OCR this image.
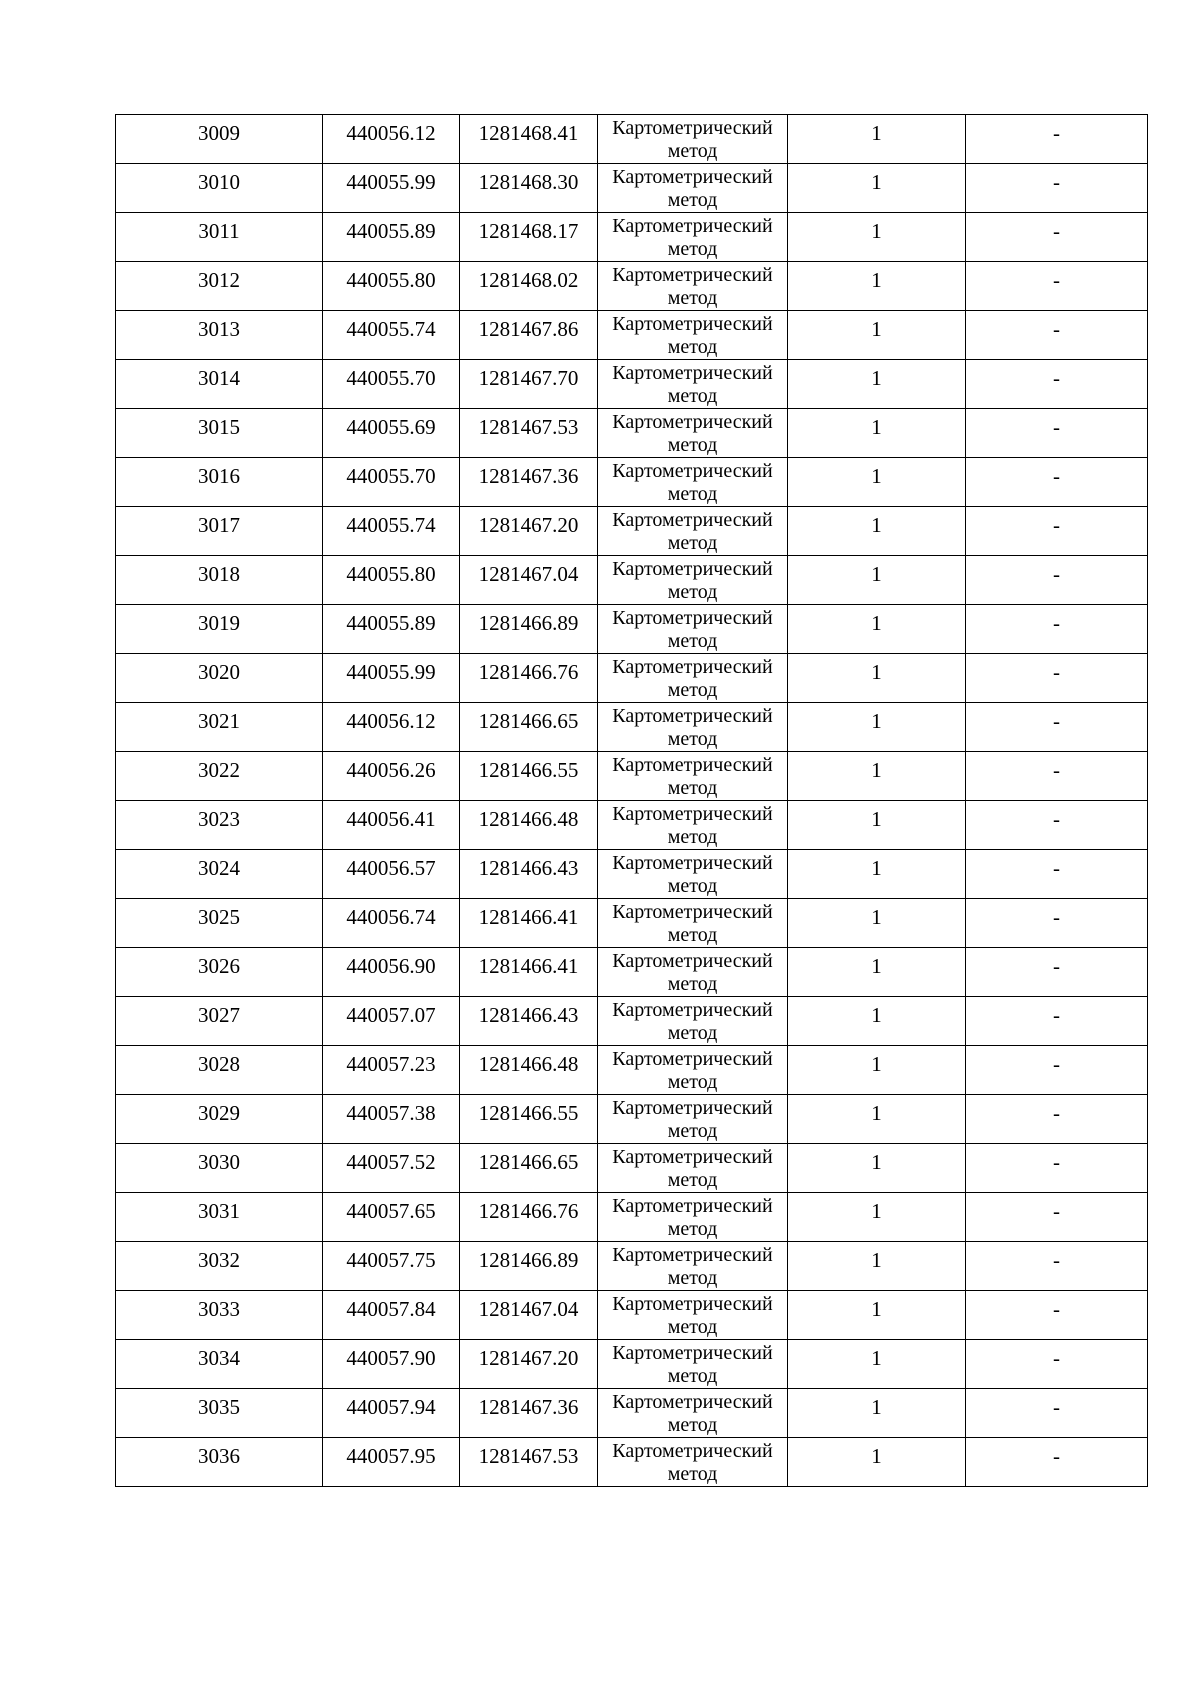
3009	440056.12	1281468.41	Картометрический
метод	1	-
3010	440055.99	1281468.30	Картометрический
метод	1	-
3011	440055.89	1281468.17	Картометрический
метод	1	-
3012	440055.80	1281468.02	Картометрический
метод	1	-
3013	440055.74	1281467.86	Картометрический
метод	1	-
3014	440055.70	1281467.70	Картометрический
метод	1	-
3015	440055.69	1281467.53	Картометрический
метод	1	-
3016	440055.70	1281467.36	Картометрический
метод	1	-
3017	440055.74	1281467.20	Картометрический
метод	1	-
3018	440055.80	1281467.04	Картометрический
метод	1	-
3019	440055.89	1281466.89	Картометрический
метод	1	-
3020	440055.99	1281466.76	Картометрический
метод	1	-
3021	440056.12	1281466.65	Картометрический
метод	1	-
3022	440056.26	1281466.55	Картометрический
метод	1	-
3023	440056.41	1281466.48	Картометрический
метод	1	-
3024	440056.57	1281466.43	Картометрический
метод	1	-
3025	440056.74	1281466.41	Картометрический
метод	1	-
3026	440056.90	1281466.41	Картометрический
метод	1	-
3027	440057.07	1281466.43	Картометрический
метод	1	-
3028	440057.23	1281466.48	Картометрический
метод	1	-
3029	440057.38	1281466.55	Картометрический
метод	1	-
3030	440057.52	1281466.65	Картометрический
метод	1	-
3031	440057.65	1281466.76	Картометрический
метод	1	-
3032	440057.75	1281466.89	Картометрический
метод	1	-
3033	440057.84	1281467.04	Картометрический
метод	1	-
3034	440057.90	1281467.20	Картометрический
метод	1	-
3035	440057.94	1281467.36	Картометрический
метод	1	-
3036	440057.95	1281467.53	Картометрический
метод	1	-
